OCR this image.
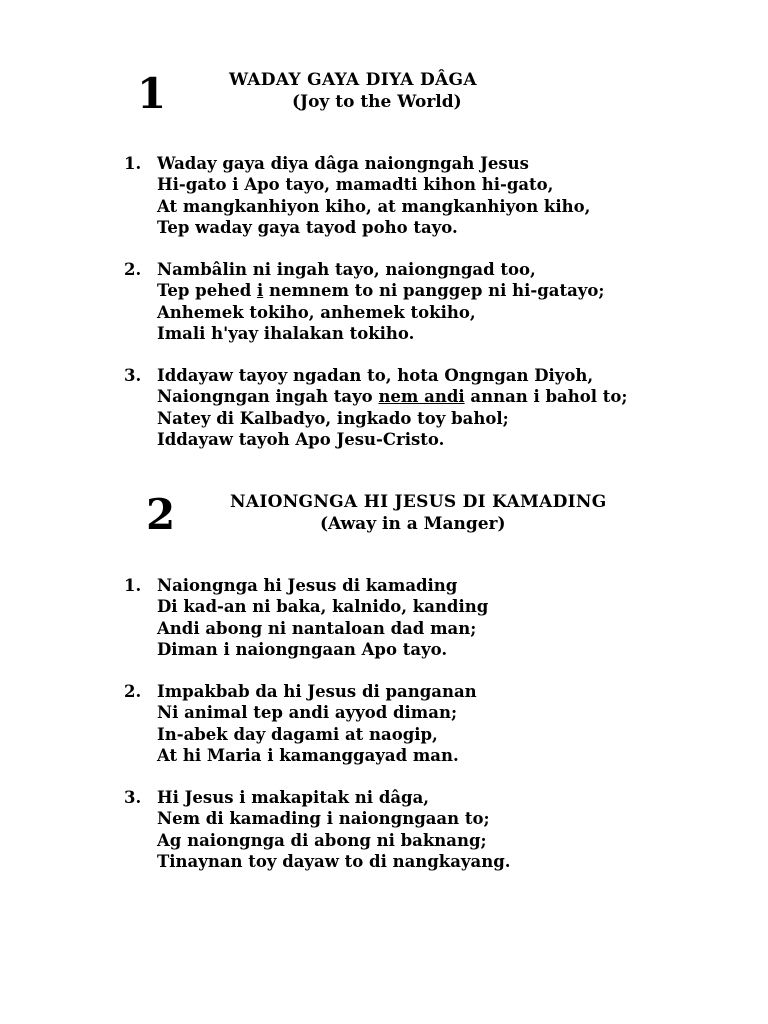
1	WADAY GAYA DIYA DÂGA
(Joy to the World)
1. Waday gaya diya dâga naiongngah Jesus
Hi-gato i Apo tayo, mamadti kihon hi-gato,
At mangkanhiyon kiho, at mangkanhiyon kiho,
Tep waday gaya tayod poho tayo.
2. Nambâlin ni ingah tayo, naiongngad too,
Tep pehed i nemnem to ni panggep ni hi-gatayo;
Anhemek tokiho, anhemek tokiho,
Imali h'yay ihalakan tokiho.
3. Iddayaw tayoy ngadan to, hota Ongngan Diyoh,
Naiongngan ingah tayo nem andi annan i bahol to;
Natey di Kalbadyo, ingkado toy bahol;
Iddayaw tayoh Apo Jesu-Cristo.
2	NAIONGNGA HI JESUS DI KAMADING
(Away in a Manger)
1. Naiongnga hi Jesus di kamading
Di kad-an ni baka, kalnido, kanding
Andi abong ni nantaloan dad man;
Diman i naiongngaan Apo tayo.
2. Impakbab da hi Jesus di panganan
Ni animal tep andi ayyod diman;
In-abek day dagami at naogip,
At hi Maria i kamanggayad man.
3. Hi Jesus i makapitak ni dâga,
Nem di kamading i naiongngaan to;
Ag naiongnga di abong ni baknang;
Tinaynan toy dayaw to di nangkayang.
